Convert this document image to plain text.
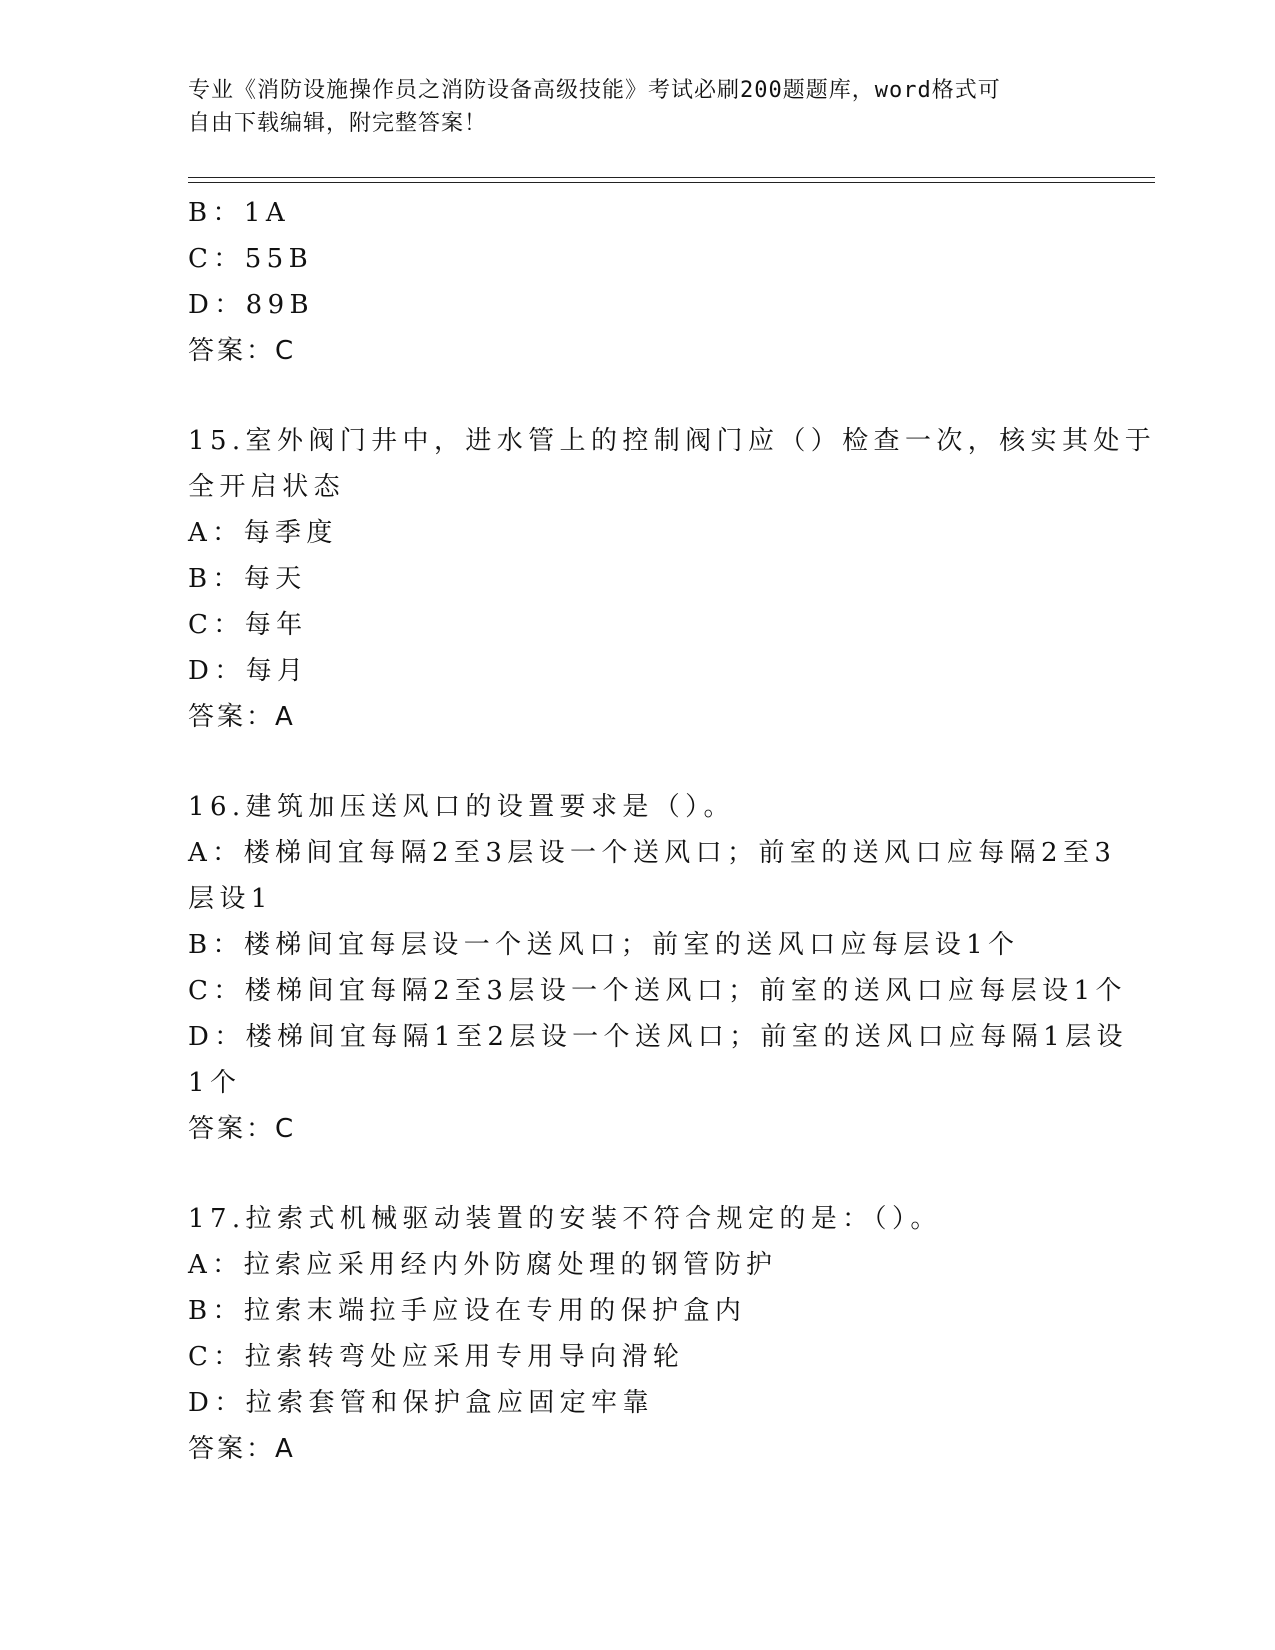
专业《消防设施操作员之消防设备高级技能》考试必刷200题题库，word格式可
自由下载编辑，附完整答案！
B：1A
C：55B
D：89B
答案：C
15.室外阀门井中，进水管上的控制阀门应（）检查一次，核实其处于
全开启状态
A：每季度
B：每天
C：每年
D：每月
答案：A
16.建筑加压送风口的设置要求是（）。
A：楼梯间宜每隔2至3层设一个送风口；前室的送风口应每隔2至3
层设1
B：楼梯间宜每层设一个送风口；前室的送风口应每层设1个
C：楼梯间宜每隔2至3层设一个送风口；前室的送风口应每层设1个
D：楼梯间宜每隔1至2层设一个送风口；前室的送风口应每隔1层设
1个
答案：C
17.拉索式机械驱动装置的安装不符合规定的是：（）。
A：拉索应采用经内外防腐处理的钢管防护
B：拉索末端拉手应设在专用的保护盒内
C：拉索转弯处应采用专用导向滑轮
D：拉索套管和保护盒应固定牢靠
答案：A
